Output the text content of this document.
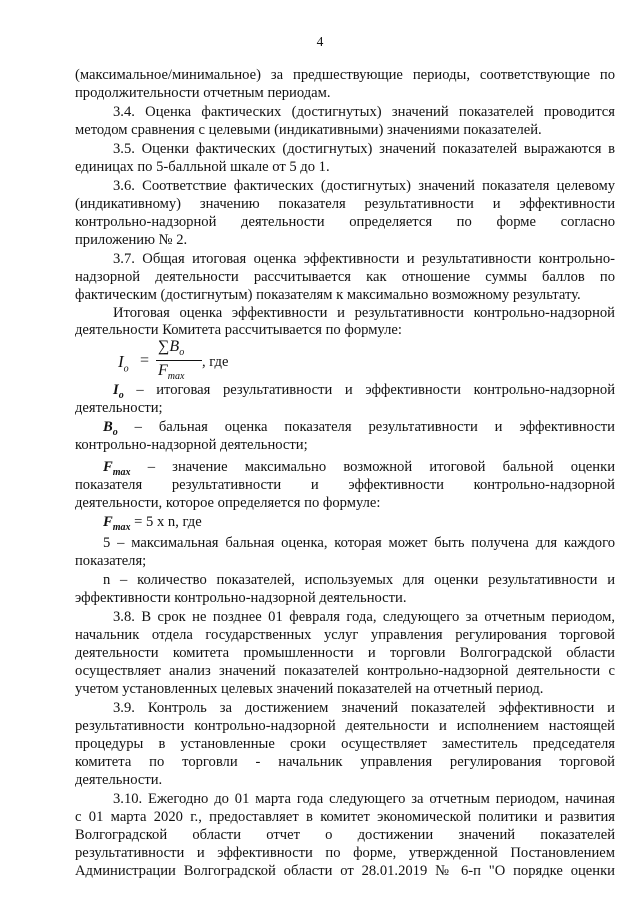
4
(максимальное/минимальное) за предшествующие периоды, соответствующие по
продолжительности отчетным периодам.
3.4. Оценка фактических (достигнутых) значений показателей проводится
методом сравнения с целевыми (индикативными) значениями показателей.
3.5. Оценки фактических (достигнутых) значений показателей выражаются в
единицах по 5-балльной шкале от 5 до 1.
3.6. Соответствие фактических (достигнутых) значений показателя целевому
(индикативному) значению показателя результативности и эффективности
контрольно-надзорной деятельности определяется по форме согласно
приложению № 2.
3.7. Общая итоговая оценка эффективности и результативности контрольно-
надзорной деятельности рассчитывается как отношение суммы баллов по
фактическим (достигнутым) показателям к максимально возможному результату.
Итоговая оценка эффективности и результативности контрольно-надзорной
деятельности Комитета рассчитывается по формуле:
$I_o$ =
$\sum B_o$
$F_{max}$
, где
$I_o$ – итоговая результативности и эффективности контрольно-надзорной
деятельности;
$B_o$ – бальная оценка показателя результативности и эффективности
контрольно-надзорной деятельности;
$F_{max}$ – значение максимально возможной итоговой бальной оценки
показателя результативности и эффективности контрольно-надзорной
деятельности, которое определяется по формуле:
$F_{max} = 5$ x n, где
5 – максимальная бальная оценка, которая может быть получена для каждого
показателя;
n – количество показателей, используемых для оценки результативности и
эффективности контрольно-надзорной деятельности.
3.8. В срок не позднее 01 февраля года, следующего за отчетным периодом,
начальник отдела государственных услуг управления регулирования торговой
деятельности комитета промышленности и торговли Волгоградской области
осуществляет анализ значений показателей контрольно-надзорной деятельности с
учетом установленных целевых значений показателей на отчетный период.
3.9. Контроль за достижением значений показателей эффективности и
результативности контрольно-надзорной деятельности и исполнением настоящей
процедуры в установленные сроки осуществляет заместитель председателя
комитета по торговли - начальник управления регулирования торговой
деятельности.
3.10. Ежегодно до 01 марта года следующего за отчетным периодом, начиная
с 01 марта 2020 г., предоставляет в комитет экономической политики и развития
Волгоградской области отчет о достижении значений показателей
результативности и эффективности по форме, утвержденной Постановлением
Администрации Волгоградской области от 28.01.2019 № 6-п "О порядке оценки
